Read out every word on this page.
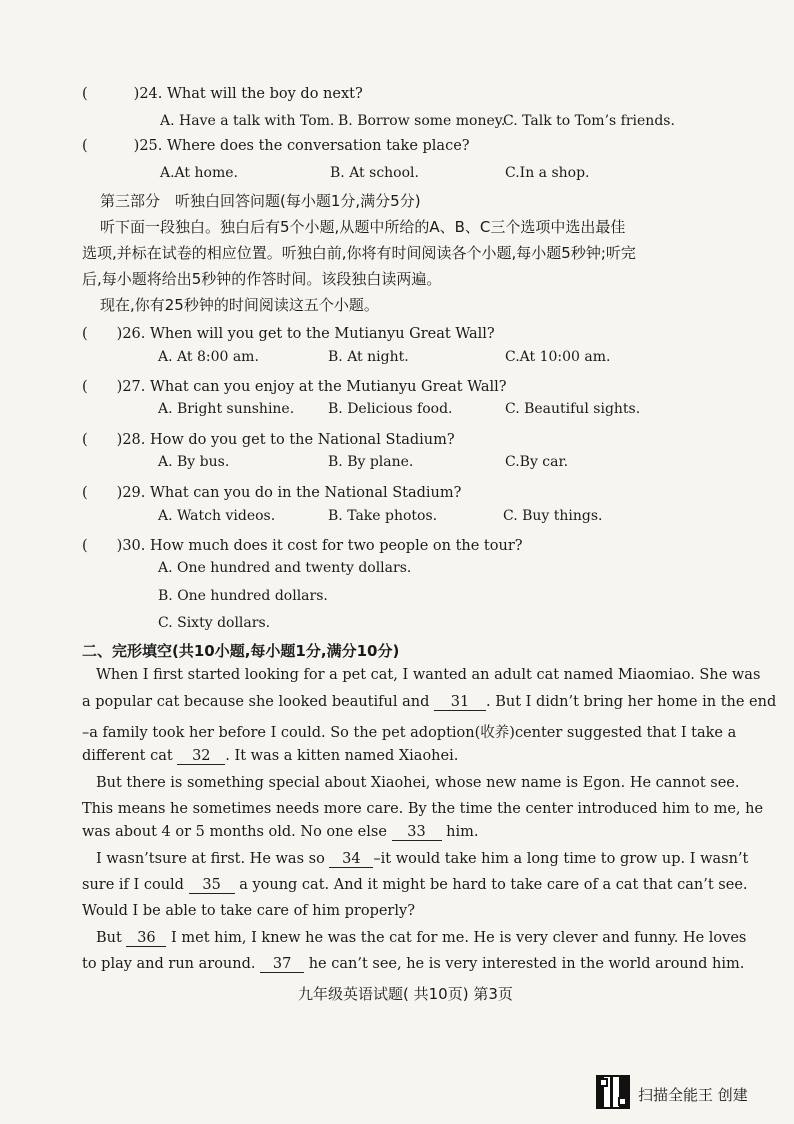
(	)24. What will the boy do next?
A. Have a talk with Tom. B. Borrow some money.
C. Talk to Tom’s friends.
(	)25. Where does the conversation take place?
A.At home.	B. At school.	C.In a shop.
第三部分　听独白回答问题(每小题1分,满分5分)
听下面一段独白。独白后有5个小题,从题中所给的A、B、C三个选项中选出最佳
选项,并标在试卷的相应位置。听独白前,你将有时间阅读各个小题,每小题5秒钟;听完
后,每小题将给出5秒钟的作答时间。该段独白读两遍。
现在,你有25秒钟的时间阅读这五个小题。
(　　)26. When will you get to the Mutianyu Great Wall?
A. At 8:00 am.	B. At night.	C.At 10:00 am.
(　　)27. What can you enjoy at the Mutianyu Great Wall?
A. Bright sunshine. B. Delicious food.	C. Beautiful sights.
(　　)28. How do you get to the National Stadium?
A. By bus.	B. By plane.	C.By car.
(　　)29. What can you do in the National Stadium?
A. Watch videos.	B. Take photos.	C. Buy things.
(　　)30. How much does it cost for two people on the tour?
A. One hundred and twenty dollars.
B. One hundred dollars.
C. Sixty dollars.
二、完形填空(共10小题,每小题1分,满分10分)
When I first started looking for a pet cat, I wanted an adult cat named Miaomiao. She was
a popular cat because she looked beautiful and 31 . But I didn’t bring her home in the end
–a family took her before I could. So the pet adoption(收养)center suggested that I take a
different cat 32 . It was a kitten named Xiaohei.
But there is something special about Xiaohei, whose new name is Egon. He cannot see.
This means he sometimes needs more care. By the time the center introduced him to me, he
was about 4 or 5 months old. No one else 33 him.
I wasn’tsure at first. He was so 34 –it would take him a long time to grow up. I wasn’t
sure if I could 35 a young cat. And it might be hard to take care of a cat that can’t see.
Would I be able to take care of him properly?
But 36 I met him, I knew he was the cat for me. He is very clever and funny. He loves
to play and run around. 37 he can’t see, he is very interested in the world around him.
九年级英语试题( 共10页) 第3页
扫描全能王 创建
